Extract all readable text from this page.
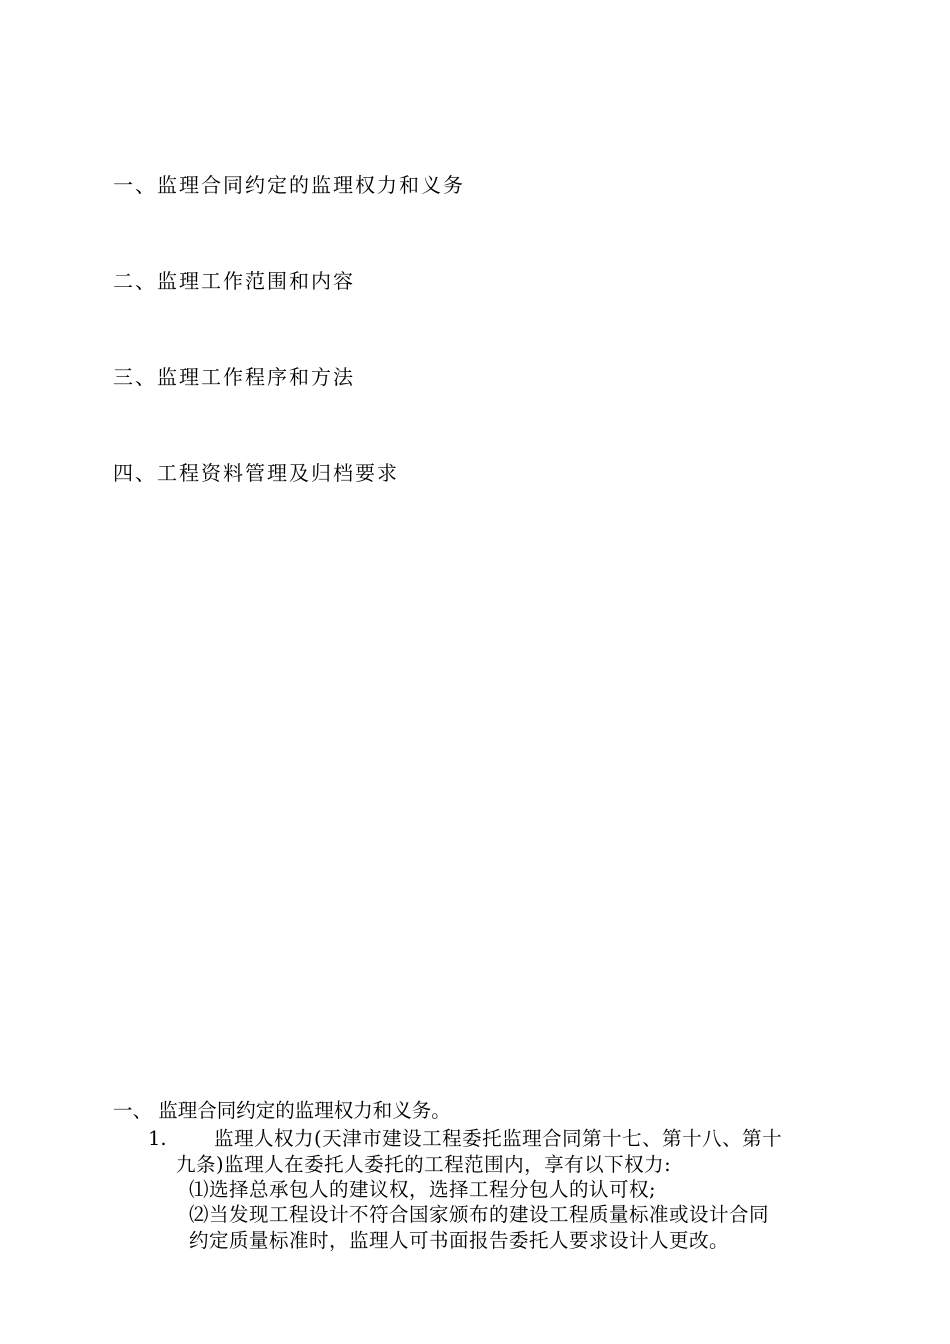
一、监理合同约定的监理权力和义务
二、监理工作范围和内容
三、监理工作程序和方法
四、工程资料管理及归档要求
一、 监理合同约定的监理权力和义务。
1. 监理人权力(天津市建设工程委托监理合同第十七、第十八、第十
九条)监理人在委托人委托的工程范围内，享有以下权力:
⑴选择总承包人的建议权，选择工程分包人的认可权;
⑵当发现工程设计不符合国家颁布的建设工程质量标准或设计合同
约定质量标准时，监理人可书面报告委托人要求设计人更改。
